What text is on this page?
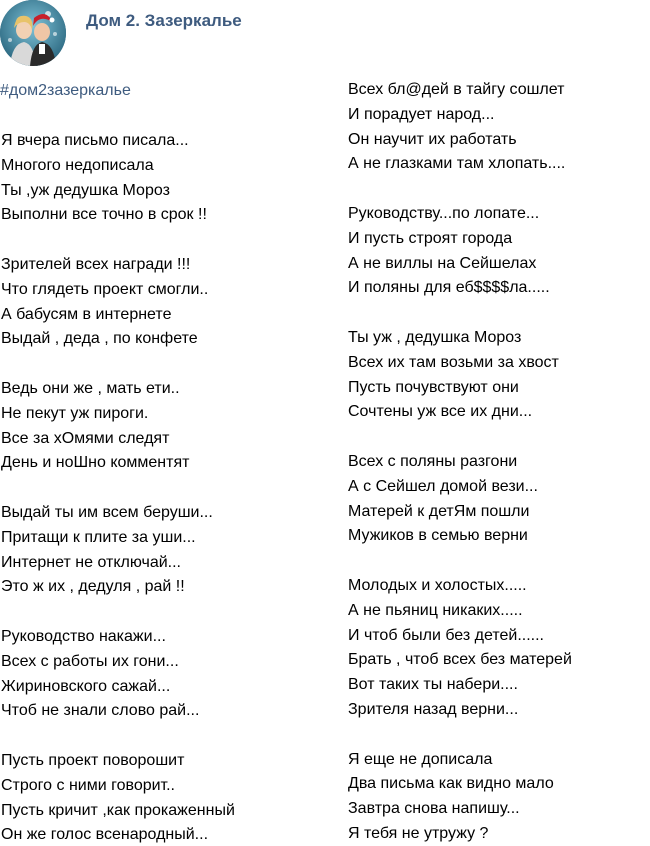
Дом 2. Зазеркалье
#дом2зазеркалье
Я вчера письмо писала...
Многого недописала
Ты ,уж дедушка Мороз
Выполни все точно в срок !!
Зрителей всех награди !!!
Что глядеть проект смогли..
А бабусям в интернете
Выдай , деда , по конфете
Ведь они же , мать ети..
Не пекут уж пироги.
Все за хОмями следят
День и ноШно комментят
Выдай ты им всем беруши...
Притащи к плите за уши...
Интернет не отключай...
Это ж их , дедуля , рай !!
Руководство накажи...
Всех с работы их гони...
Жириновского сажай...
Чтоб не знали слово рай...
Пусть проект поворошит
Строго с ними говорит..
Пусть кричит ,как прокаженный
Он же голос всенародный...
Всех бл@дей в тайгу сошлет
И порадует народ...
Он научит их работать
А не глазками там хлопать....
Руководству...по лопате...
И пусть строят города
А не виллы на Сейшелах
И поляны для еб$$$$ла.....
Ты уж , дедушка Мороз
Всех их там возьми за хвост
Пусть почувствуют они
Сочтены уж все их дни...
Всех с поляны разгони
А с Сейшел домой вези...
Матерей к детЯм пошли
Мужиков в семью верни
Молодых и холостых.....
А не пьяниц никаких.....
И чтоб были без детей......
Брать , чтоб всех без матерей
Вот таких ты набери....
Зрителя назад верни...
Я еще не дописала
Два письма как видно мало
Завтра снова напишу...
Я тебя не утружу ?
